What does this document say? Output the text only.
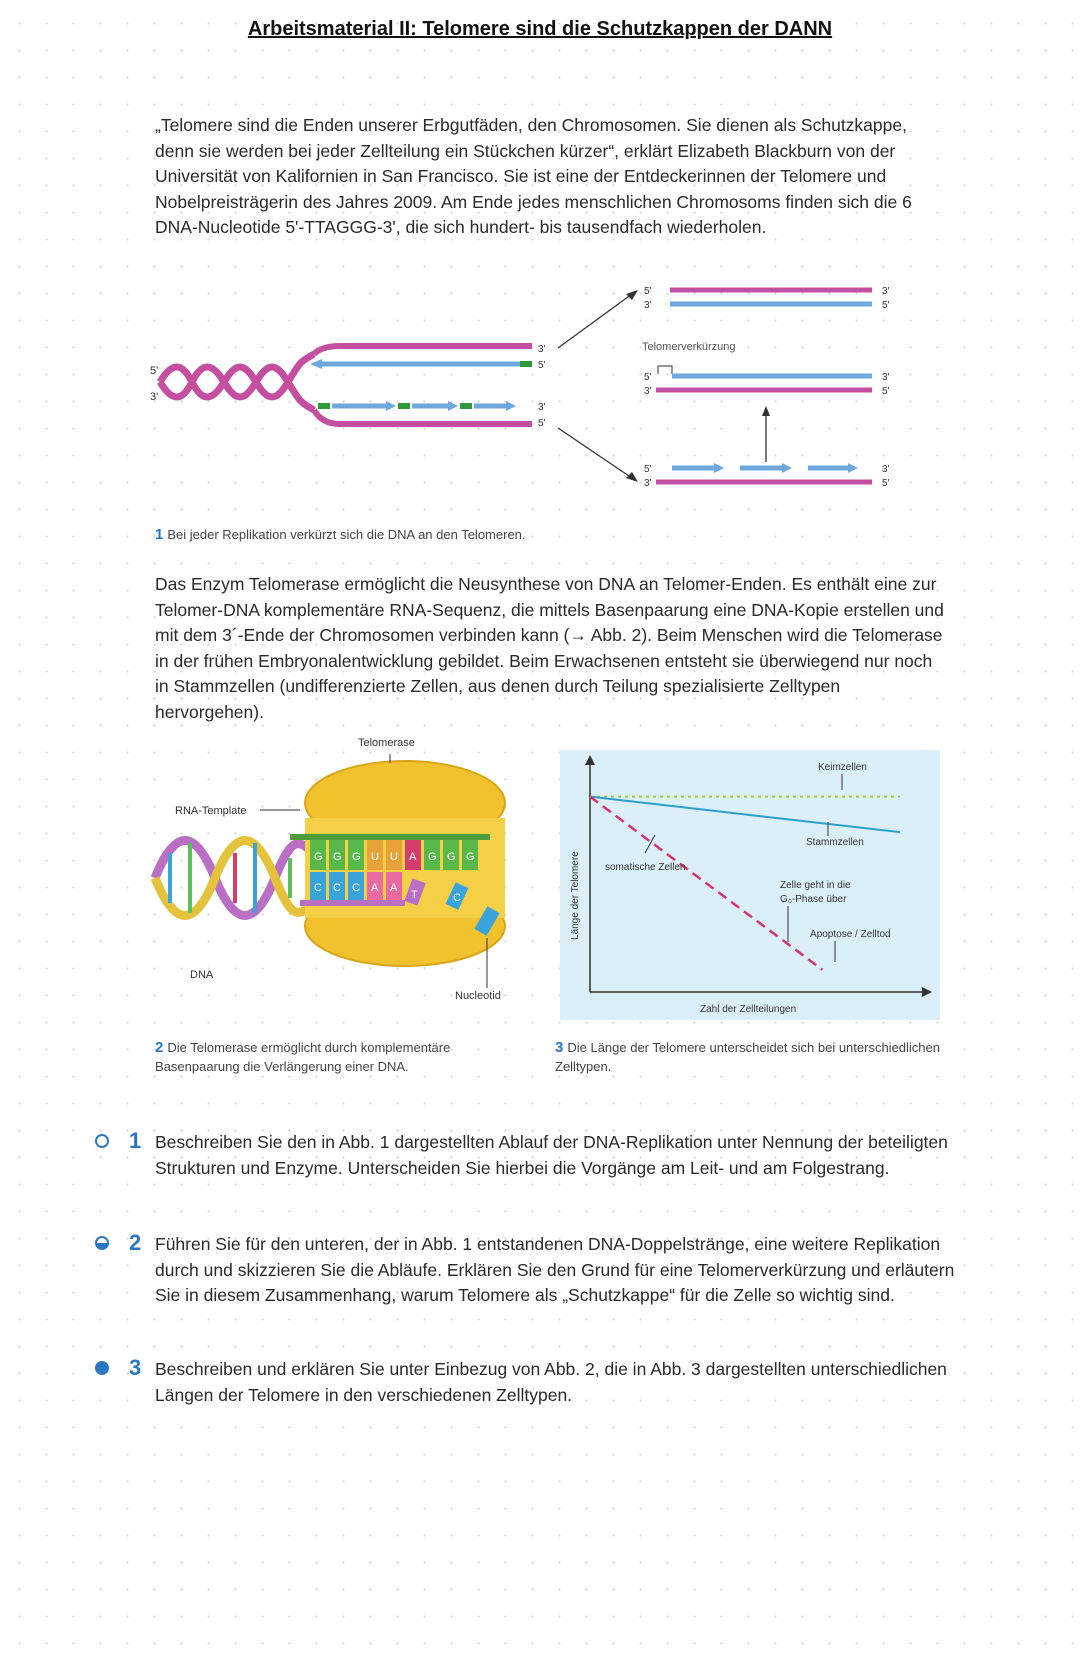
Arbeitsmaterial II: Telomere sind die Schutzkappen der DANN

„Telomere sind die Enden unserer Erbgutfäden, den Chromosomen. Sie dienen als Schutzkappe, denn sie werden bei jeder Zellteilung ein Stückchen kürzer“, erklärt Elizabeth Blackburn von der Universität von Kalifornien in San Francisco. Sie ist eine der Entdeckerinnen der Telomere und Nobelpreisträgerin des Jahres 2009. Am Ende jedes menschlichen Chromosoms finden sich die 6 DNA-Nucleotide 5'-TTAGGG-3', die sich hundert- bis tausendfach wiederholen.

5'
3'
3'
5'
3'
5'
5'
3'
3'
5'
Telomerverkürzung
5'
3'
3'
5'
5'
3'
3'
5'
1 Bei jeder Replikation verkürzt sich die DNA an den Telomeren.

Das Enzym Telomerase ermöglicht die Neusynthese von DNA an Telomer-Enden. Es enthält eine zur Telomer-DNA komplementäre RNA-Sequenz, die mittels Basenpaarung eine DNA-Kopie erstellen und mit dem 3´-Ende der Chromosomen verbinden kann (→ Abb. 2). Beim Menschen wird die Telomerase in der frühen Embryonalentwicklung gebildet. Beim Erwachsenen entsteht sie überwiegend nur noch in Stammzellen (undifferenzierte Zellen, aus denen durch Teilung spezialisierte Zelltypen hervorgehen).

DNA
G G G U U A G G G
C C C A A
T	C
Telomerase
RNA-Template
Nucleotid
2 Die Telomerase ermöglicht durch komplementäre Basenpaarung die Verlängerung einer DNA.
Länge der Telomere
Zahl der Zellteilungen
Keimzellen
Stammzellen
somatische Zellen
Zelle geht in die
G₀-Phase über
Apoptose / Zelltod
3 Die Länge der Telomere unterscheidet sich bei unterschiedlichen Zelltypen.
1 Beschreiben Sie den in Abb. 1 dargestellten Ablauf der DNA-Replikation unter Nennung der beteiligten Strukturen und Enzyme. Unterscheiden Sie hierbei die Vorgänge am Leit- und am Folgestrang.
2 Führen Sie für den unteren, der in Abb. 1 entstandenen DNA-Doppelstränge, eine weitere Replikation durch und skizzieren Sie die Abläufe. Erklären Sie den Grund für eine Telomerverkürzung und erläutern Sie in diesem Zusammenhang, warum Telomere als „Schutzkappe“ für die Zelle so wichtig sind.
3 Beschreiben und erklären Sie unter Einbezug von Abb. 2, die in Abb. 3 dargestellten unterschiedlichen Längen der Telomere in den verschiedenen Zelltypen.
